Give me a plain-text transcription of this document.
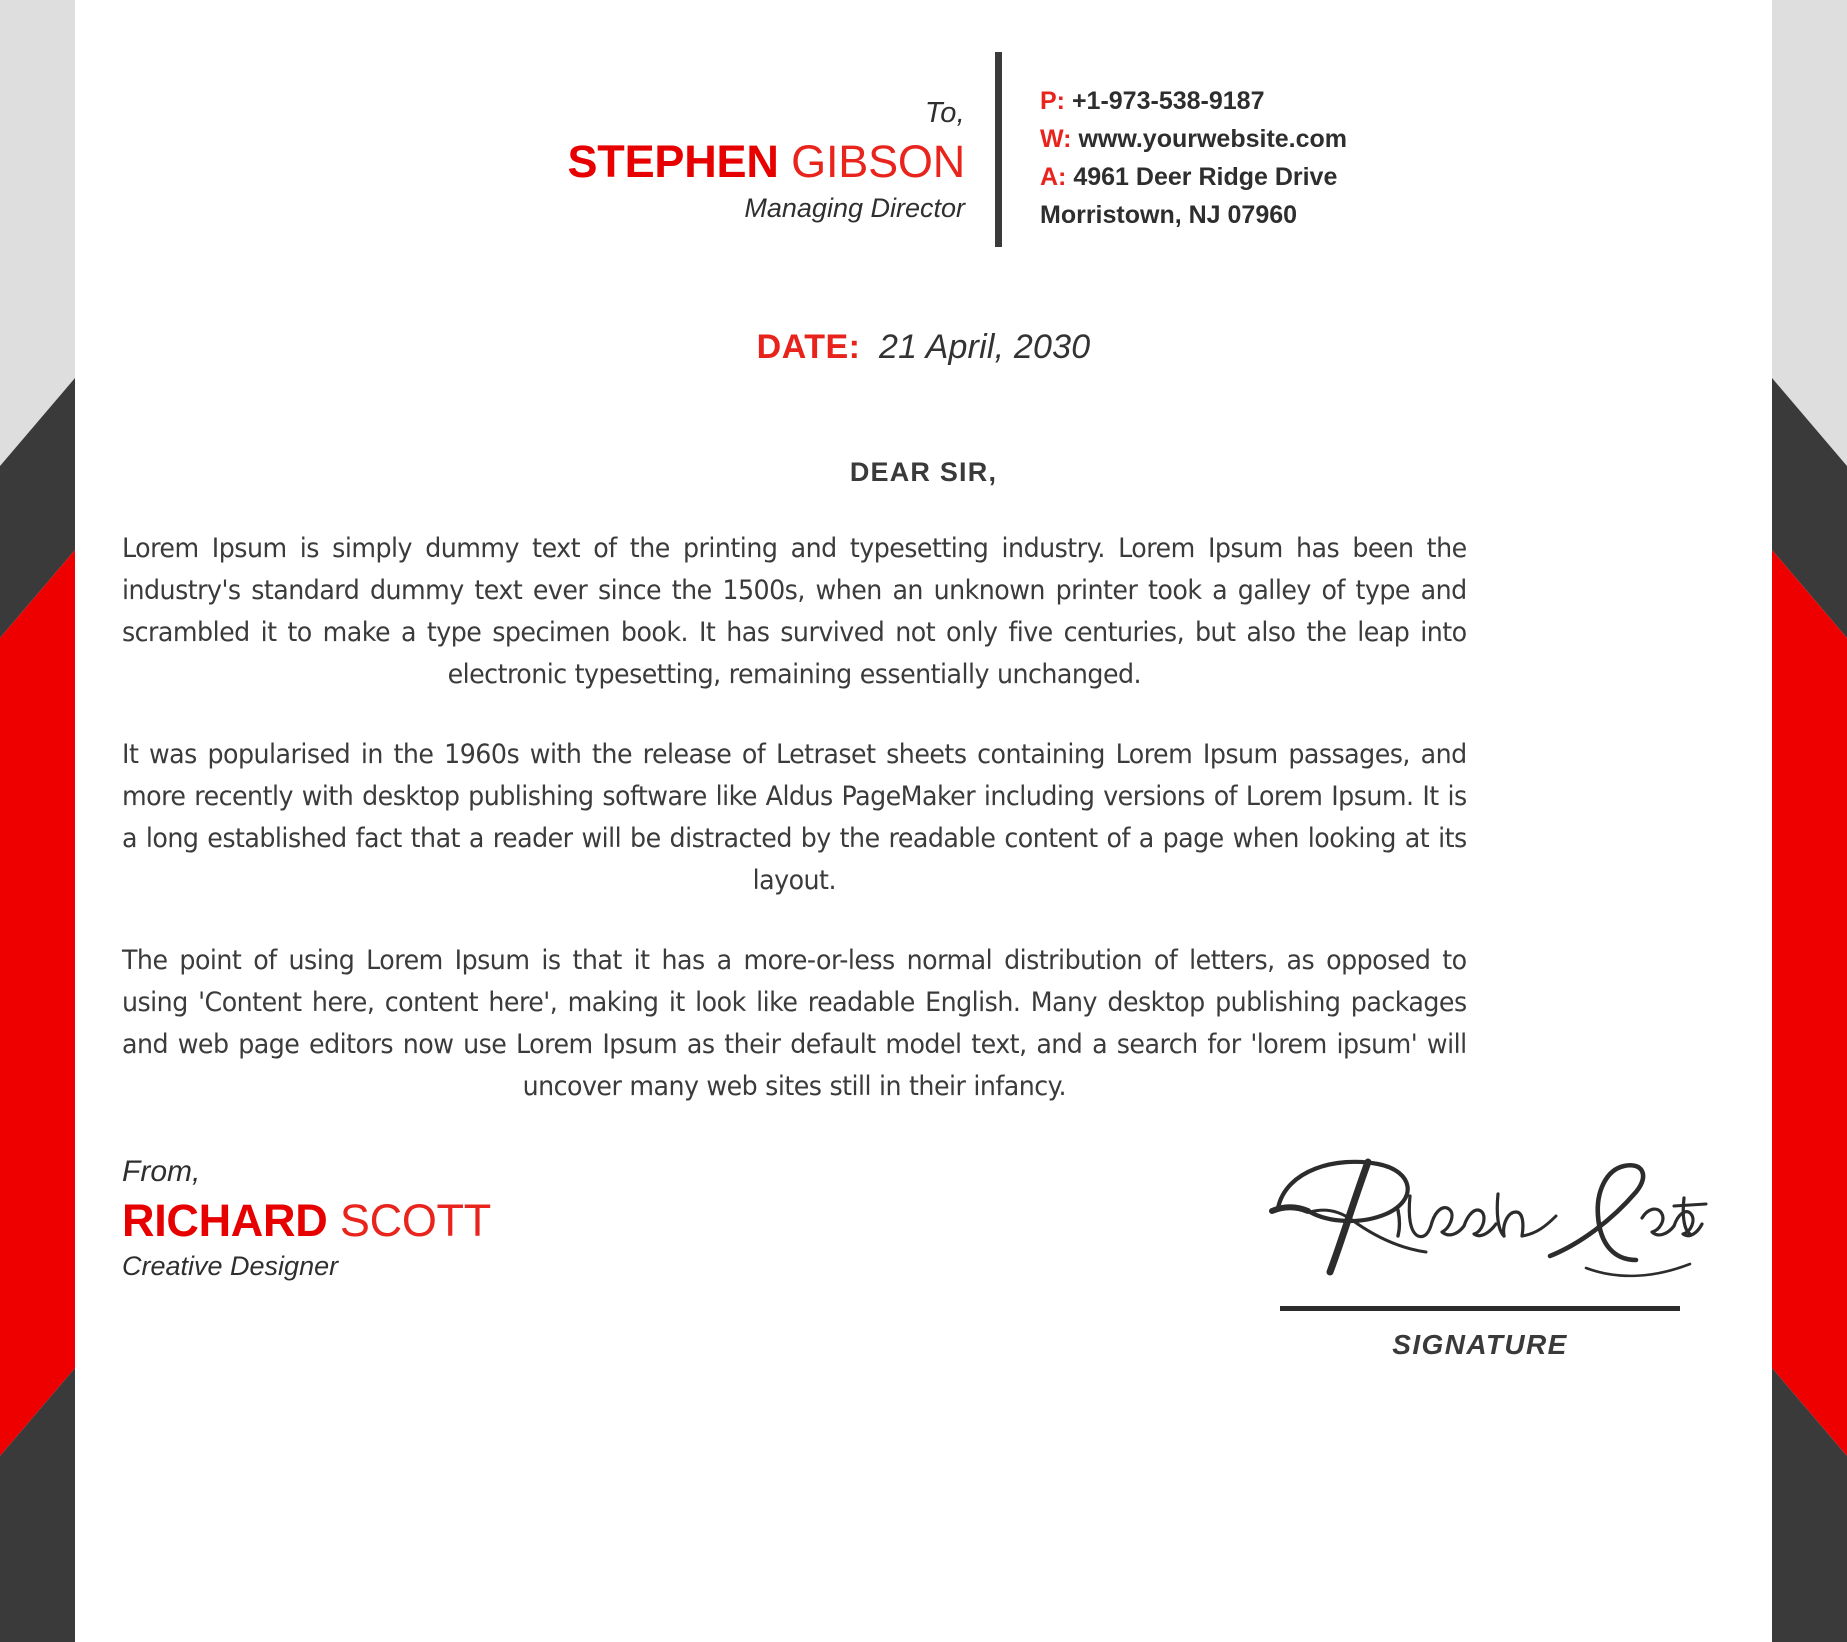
To,
STEPHEN GIBSON
Managing Director
P: +1-973-538-9187
W: www.yourwebsite.com
A: 4961 Deer Ridge Drive
Morristown, NJ 07960
DATE: 21 April, 2030
DEAR SIR,

Lorem Ipsum is simply dummy text of the printing and typesetting industry. Lorem Ipsum has been the industry's standard dummy text ever since the 1500s, when an unknown printer took a galley of type and scrambled it to make a type specimen book. It has survived not only five centuries, but also the leap into electronic typesetting, remaining essentially unchanged.

It was popularised in the 1960s with the release of Letraset sheets containing Lorem Ipsum passages, and more recently with desktop publishing software like Aldus PageMaker including versions of Lorem Ipsum. It is a long established fact that a reader will be distracted by the readable content of a page when looking at its layout.

The point of using Lorem Ipsum is that it has a more-or-less normal distribution of letters, as opposed to using 'Content here, content here', making it look like readable English. Many desktop publishing packages and web page editors now use Lorem Ipsum as their default model text, and a search for 'lorem ipsum' will uncover many web sites still in their infancy.

From,
RICHARD SCOTT
Creative Designer
SIGNATURE
